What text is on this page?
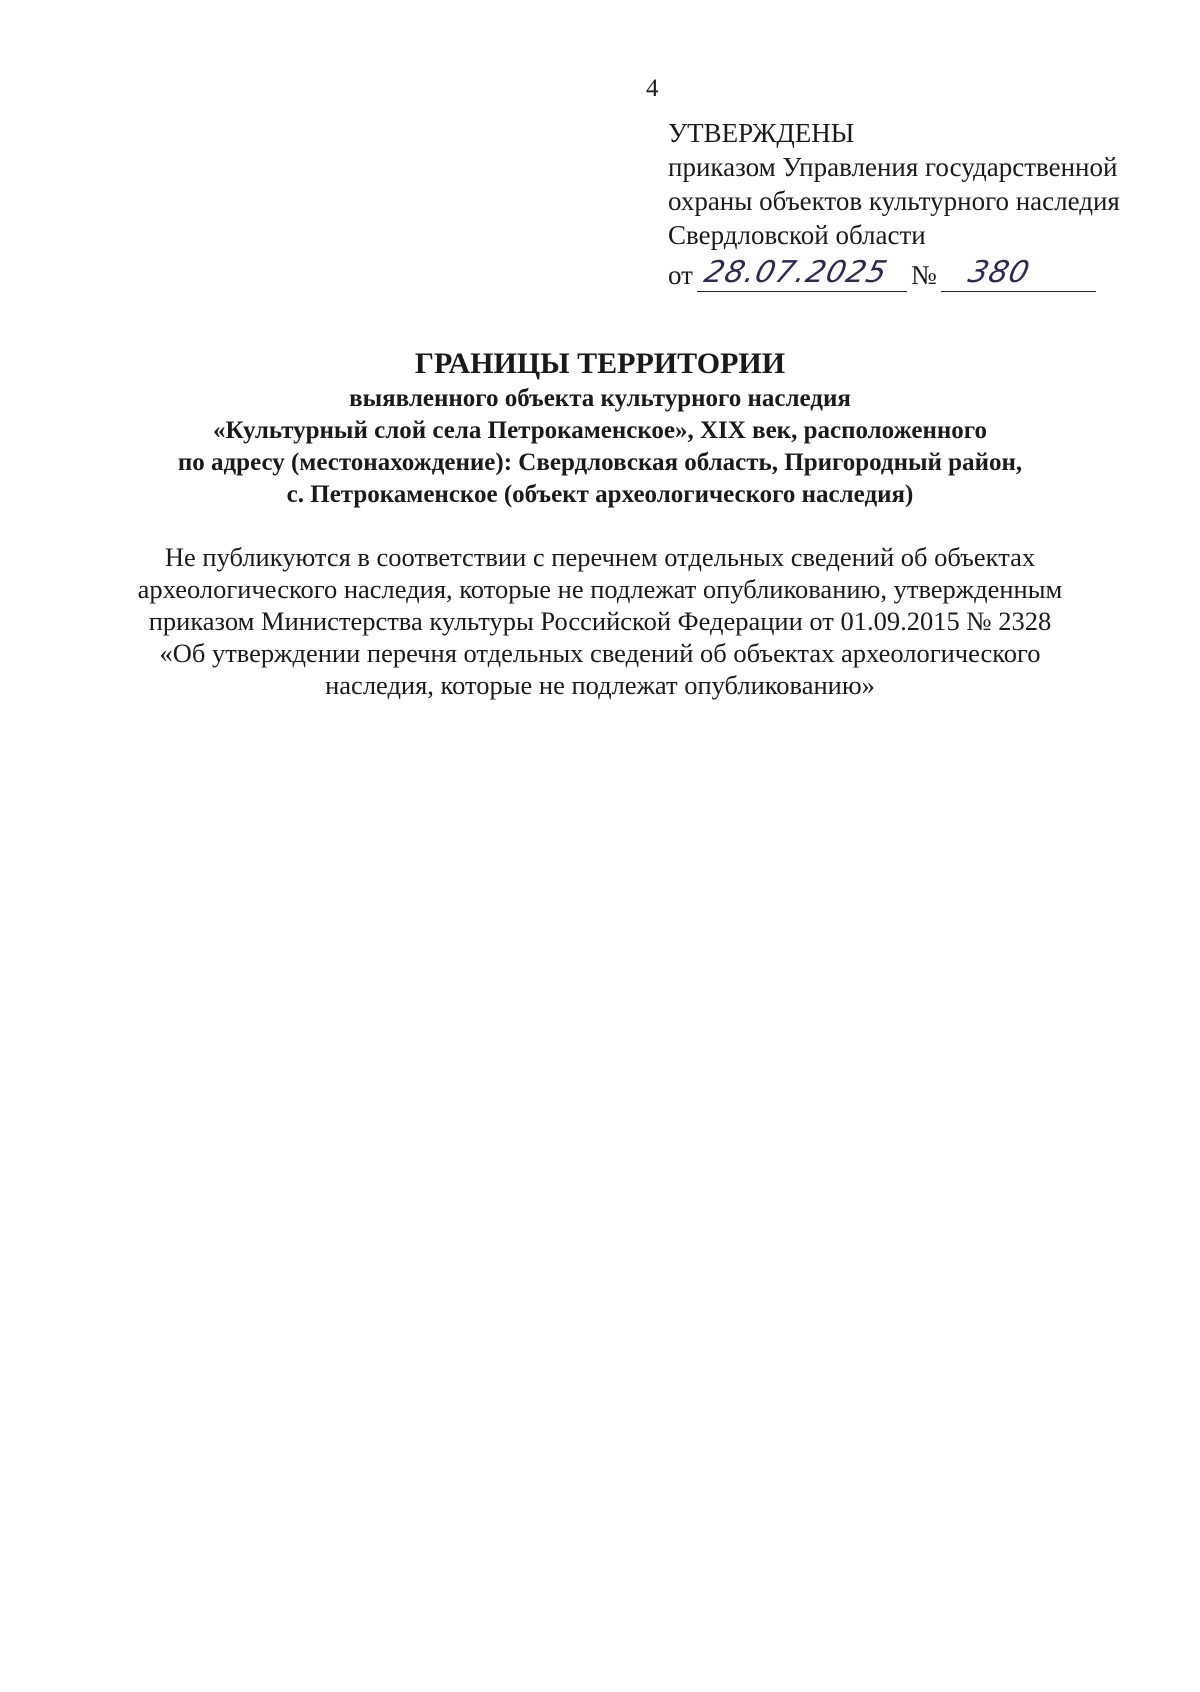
4
УТВЕРЖДЕНЫ
приказом Управления государственной
охраны объектов культурного наследия
Свердловской области
от 28.07.2025 № 380
ГРАНИЦЫ ТЕРРИТОРИИ
выявленного объекта культурного наследия
«Культурный слой села Петрокаменское», XIX век, расположенного
по адресу (местонахождение): Свердловская область, Пригородный район,
с. Петрокаменское (объект археологического наследия)
Не публикуются в соответствии с перечнем отдельных сведений об объектах
археологического наследия, которые не подлежат опубликованию, утвержденным
приказом Министерства культуры Российской Федерации от 01.09.2015 № 2328
«Об утверждении перечня отдельных сведений об объектах археологического
наследия, которые не подлежат опубликованию»
